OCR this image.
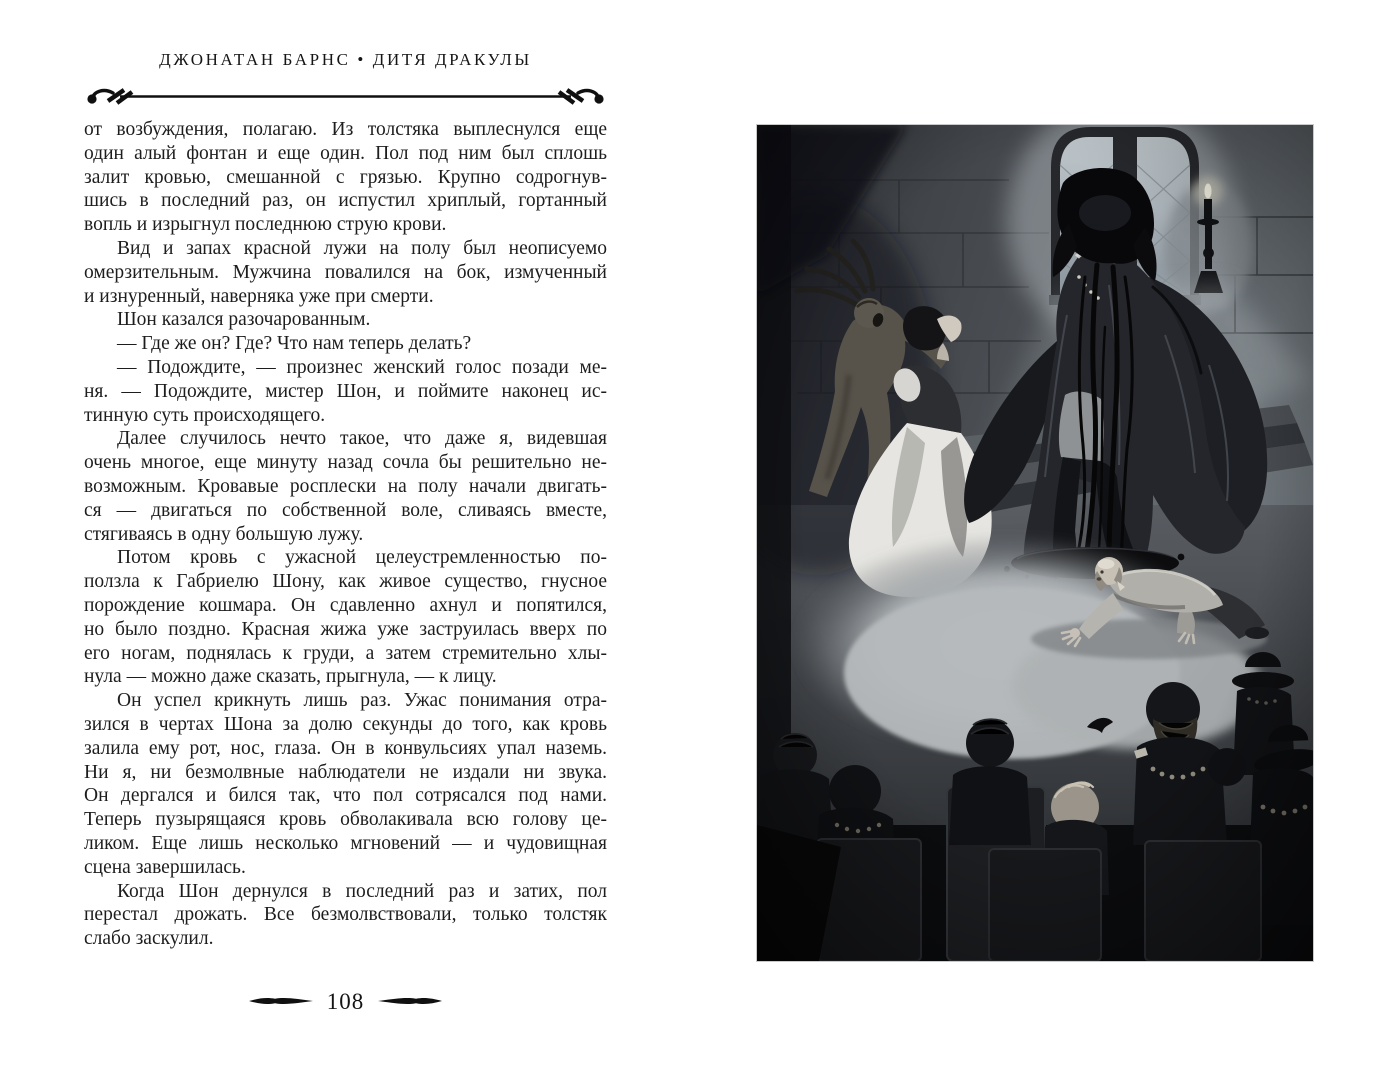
ДЖОНАТАН БАРНС • ДИТЯ ДРАКУЛЫ
от возбуждения, полагаю. Из толстяка выплеснулся еще
один алый фонтан и еще один. Пол под ним был сплошь
залит кровью, смешанной с грязью. Крупно содрогнув-
шись в последний раз, он испустил хриплый, гортанный
вопль и изрыгнул последнюю струю крови.
Вид и запах красной лужи на полу был неописуемо
омерзительным. Мужчина повалился на бок, измученный
и изнуренный, наверняка уже при смерти.
Шон казался разочарованным.
— Где же он? Где? Что нам теперь делать?
— Подождите, — произнес женский голос позади ме-
ня. — Подождите, мистер Шон, и поймите наконец ис-
тинную суть происходящего.
Далее случилось нечто такое, что даже я, видевшая
очень многое, еще минуту назад сочла бы решительно не-
возможным. Кровавые росплески на полу начали двигать-
ся — двигаться по собственной воле, сливаясь вместе,
стягиваясь в одну большую лужу.
Потом кровь с ужасной целеустремленностью по-
ползла к Габриелю Шону, как живое существо, гнусное
порождение кошмара. Он сдавленно ахнул и попятился,
но было поздно. Красная жижа уже заструилась вверх по
его ногам, поднялась к груди, а затем стремительно хлы-
нула — можно даже сказать, прыгнула, — к лицу.
Он успел крикнуть лишь раз. Ужас понимания отра-
зился в чертах Шона за долю секунды до того, как кровь
залила ему рот, нос, глаза. Он в конвульсиях упал наземь.
Ни я, ни безмолвные наблюдатели не издали ни звука.
Он дергался и бился так, что пол сотрясался под нами.
Теперь пузырящаяся кровь обволакивала всю голову це-
ликом. Еще лишь несколько мгновений — и чудовищная
сцена завершилась.
Когда Шон дернулся в последний раз и затих, пол
перестал дрожать. Все безмолвствовали, только толстяк
слабо заскулил.
108
